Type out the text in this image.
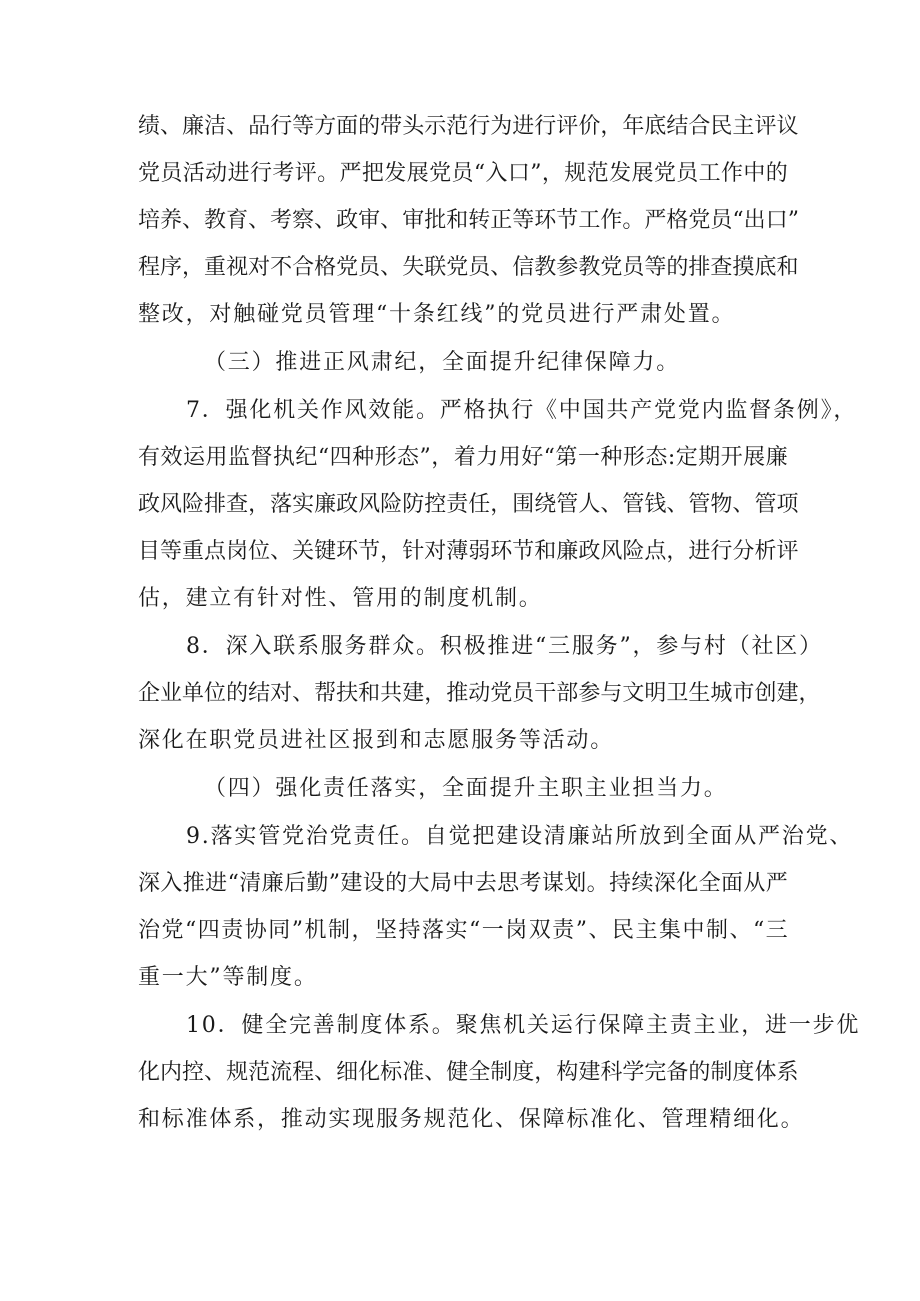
绩 、 廉 洁 、 品 行 等 方 面 的 带 头 示 范 行 为 进 行 评 价 ， 年 底 结 合 民 主 评 议
党 员 活 动 进 行 考 评 。 严 把 发 展 党 员 “ 入 口 ” ， 规 范 发 展 党 员 工 作 中 的
培 养 、 教 育 、 考 察 、 政 审 、 审 批 和 转 正 等 环 节 工 作 。 严 格 党 员 “ 出 口 ”
程 序 ， 重 视 对 不 合 格 党 员 、 失 联 党 员 、 信 教 参 教 党 员 等 的 排 查 摸 底 和
整改，对触碰党员管理“十条红线”的党员进行严肃处置。
（三）推进正风肃纪，全面提升纪律保障力。
7．强化机关作风效能。严格执行《中国共产党党内监督条例》，
有 效 运 用 监 督 执 纪 “ 四 种 形 态 ” ， 着 力 用 好 “ 第 一 种 形 态 : 定 期 开 展 廉
政 风 险 排 查 ， 落 实 廉 政 风 险 防 控 责 任 ， 围 绕 管 人 、 管 钱 、 管 物 、 管 项
目 等 重 点 岗 位 、 关 键 环 节 ， 针 对 薄 弱 环 节 和 廉 政 风 险 点 ， 进 行 分 析 评
估，建立有针对性、管用的制度机制。
8．深入联系服务群众。积极推进“三服务”，参与村（社区）
企 业 单 位 的 结 对 、 帮 扶 和 共 建 ， 推 动 党 员 干 部 参 与 文 明 卫 生 城 市 创 建 ，
深化在职党员进社区报到和志愿服务等活动。
（四）强化责任落实，全面提升主职主业担当力。
9.落实管党治党责任。自觉把建设清廉站所放到全面从严治党、
深 入 推 进 “ 清 廉 后 勤 ” 建 设 的 大 局 中 去 思 考 谋 划 。 持 续 深 化 全 面 从 严
治 党 “ 四 责 协 同 ” 机 制 ， 坚 持 落 实 “ 一 岗 双 责 ” 、 民 主 集 中 制 、 “ 三
重一大”等制度。
10．健全完善制度体系。聚焦机关运行保障主责主业，进一步优
化 内 控 、 规 范 流 程 、 细 化 标 准 、 健 全 制 度 ， 构 建 科 学 完 备 的 制 度 体 系
和标准体系，推动实现服务规范化、保障标准化、管理精细化。
